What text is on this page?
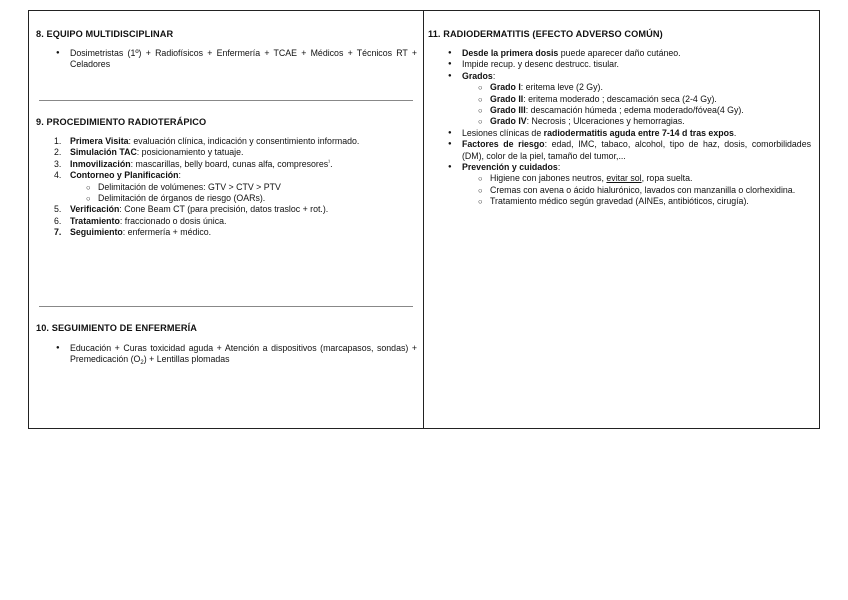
8. EQUIPO MULTIDISCIPLINAR

● Dosimetristas (1º) + Radiofísicos + Enfermería + TCAE + Médicos + Técnicos RT + Celadores

9. PROCEDIMIENTO RADIOTERÁPICO

1. Primera Visita: evaluación clínica, indicación y consentimiento informado.
2. Simulación TAC: posicionamiento y tatuaje.
3. Inmovilización: mascarillas, belly board, cunas alfa, compresores$^{^1}$.
4. Contorneo y Planificación:
○ Delimitación de volúmenes: GTV > CTV > PTV
○ Delimitación de órganos de riesgo (OARs).
5. Verificación: Cone Beam CT (para precisión, datos trasloc + rot.).
6. Tratamiento: fraccionado o dosis única.
7. Seguimiento: enfermería + médico.

10. SEGUIMIENTO DE ENFERMERÍA

● Educación + Curas toxicidad aguda + Atención a dispositivos (marcapasos, sondas) + Premedicación $(O_2)$ + Lentillas plomadas

11. RADIODERMATITIS (EFECTO ADVERSO COMÚN)

● Desde la primera dosis puede aparecer daño cutáneo.
● Impide recup. y desenc destrucc. tisular.
● Grados:
○ Grado I: eritema leve (2 Gy).
○ Grado II: eritema moderado ; descamación seca (2-4 Gy).
○ Grado III: descamación húmeda ; edema moderado/fóvea(4 Gy).
○ Grado IV: Necrosis ; Ulceraciones y hemorragias.
● Lesiones clínicas de radiodermatitis aguda entre 7-14 d tras expos.
● Factores de riesgo: edad, IMC, tabaco, alcohol, tipo de haz, dosis, comorbilidades (DM), color de la piel, tamaño del tumor,...
● Prevención y cuidados:
○ Higiene con jabones neutros, evitar sol, ropa suelta.
○ Cremas con avena o ácido hialurónico, lavados con manzanilla o clorhexidina.
○ Tratamiento médico según gravedad (AINEs, antibióticos, cirugía).
